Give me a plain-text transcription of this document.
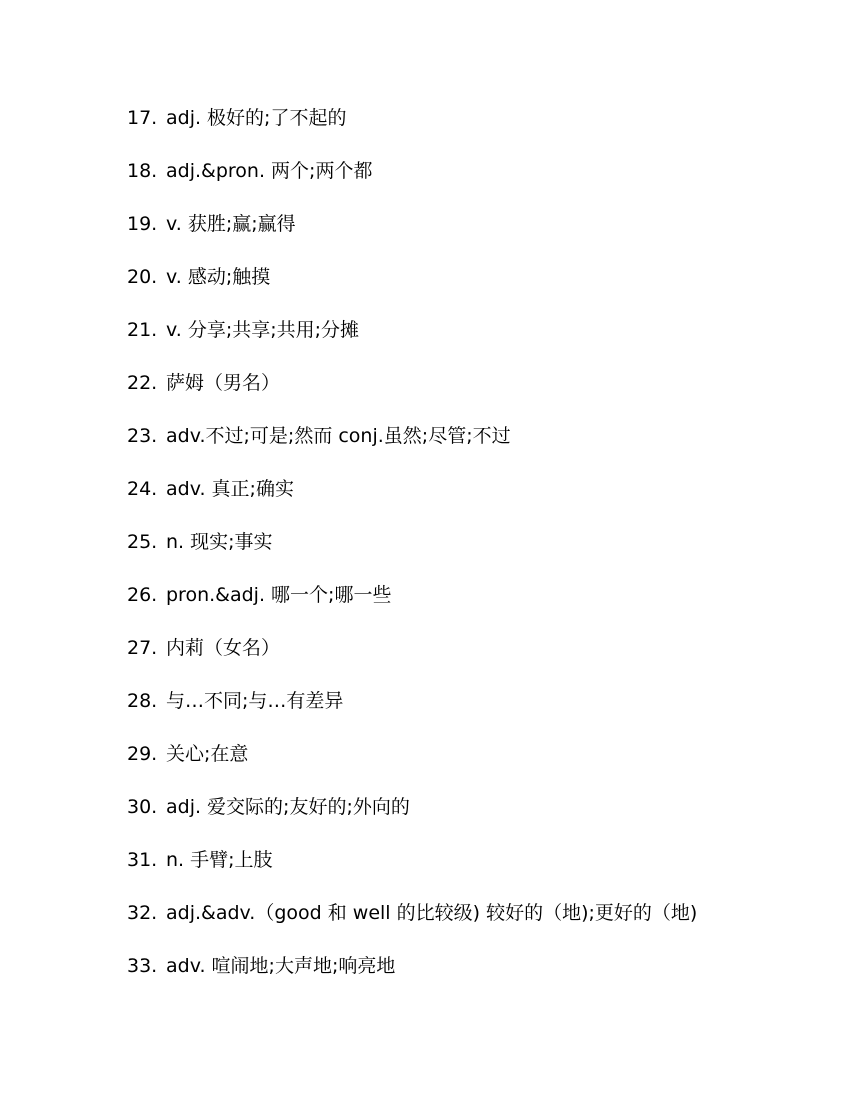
17. adj. 极好的;了不起的
18. adj.&pron. 两个;两个都
19. v. 获胜;赢;赢得
20. v. 感动;触摸
21. v. 分享;共享;共用;分摊
22. 萨姆（男名）
23. adv.不过;可是;然而 conj.虽然;尽管;不过
24. adv. 真正;确实
25. n. 现实;事实
26. pron.&adj. 哪一个;哪一些
27. 内莉（女名）
28. 与…不同;与…有差异
29. 关心;在意
30. adj. 爱交际的;友好的;外向的
31. n. 手臂;上肢
32. adj.&adv.（good 和 well 的比较级) 较好的（地);更好的（地)
33. adv. 喧闹地;大声地;响亮地
